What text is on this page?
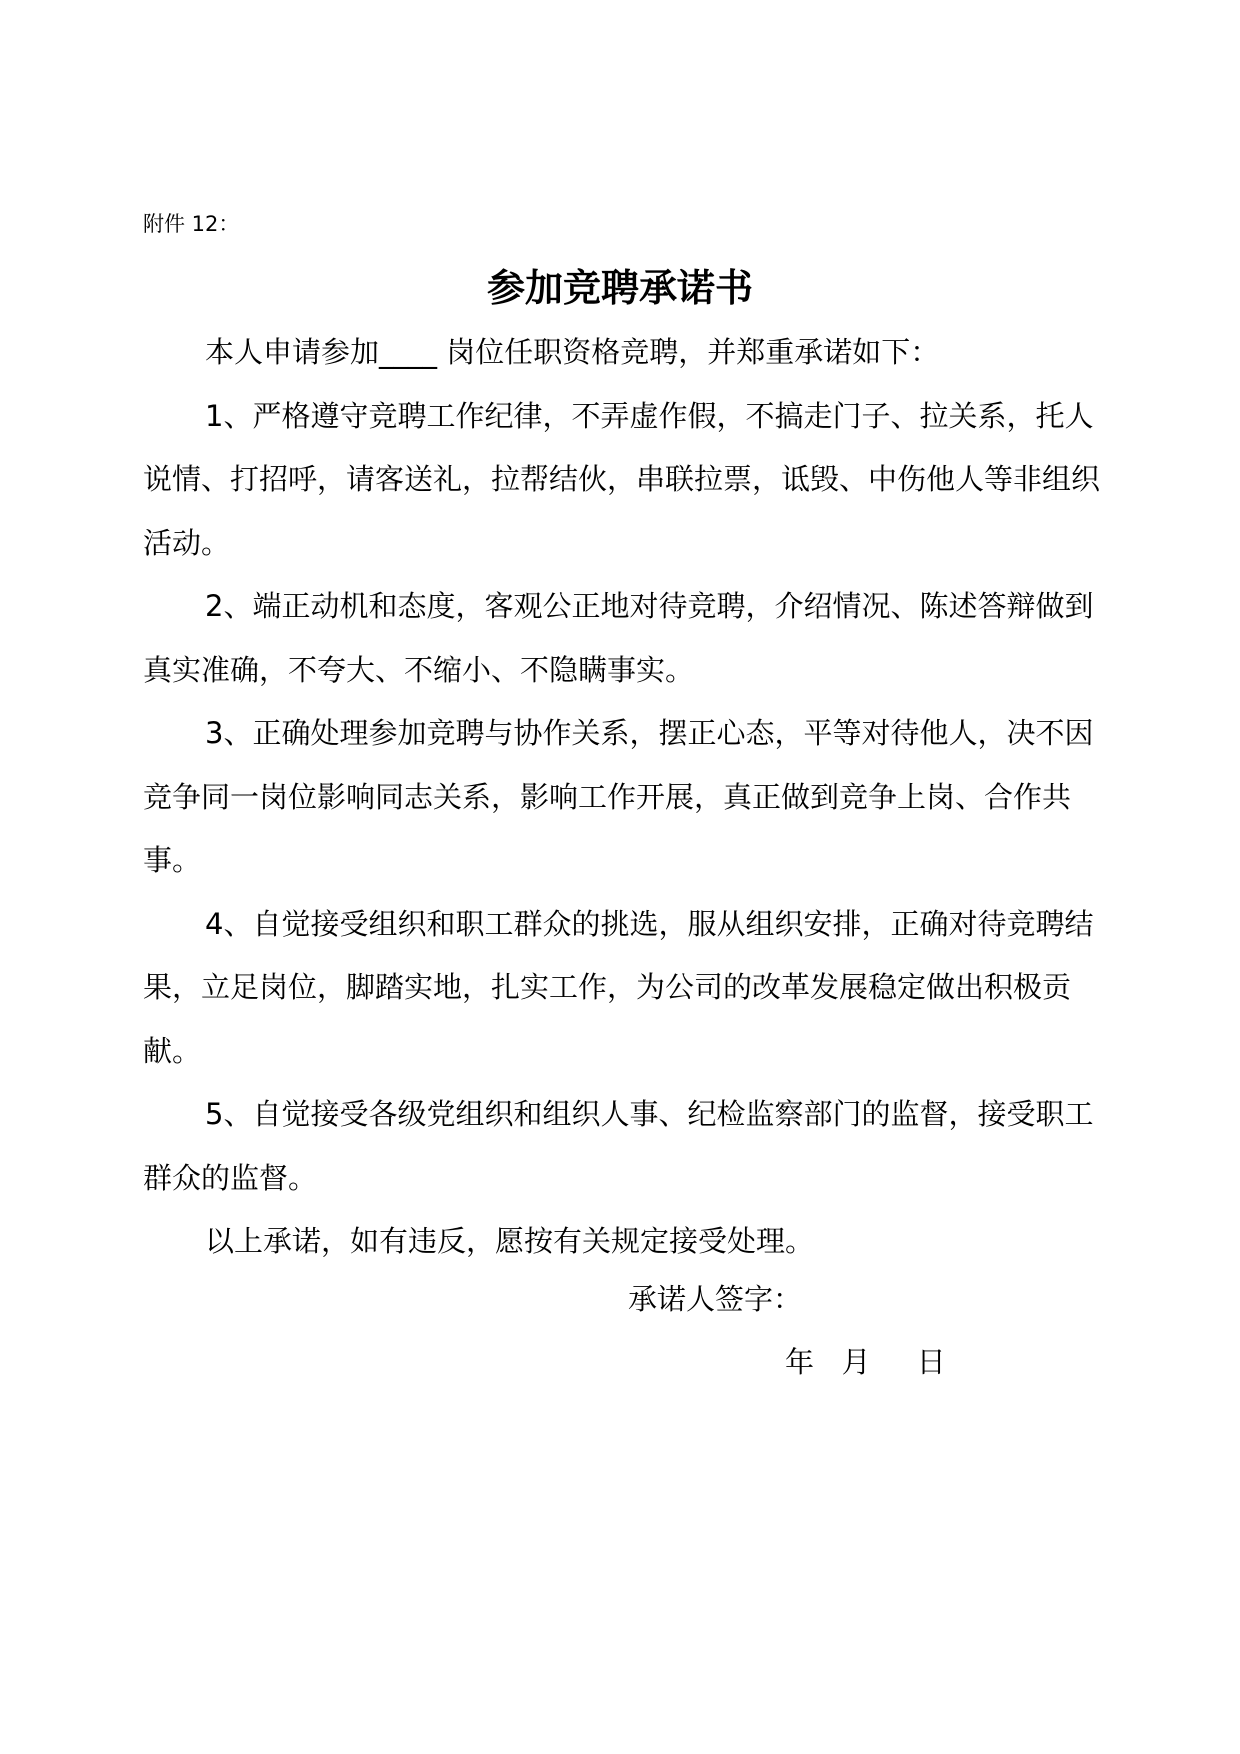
附件 12：
参加竞聘承诺书

本人申请参加____ 岗位任职资格竞聘，并郑重承诺如下：

1、严格遵守竞聘工作纪律，不弄虚作假，不搞走门子、拉关系，托人说情、打招呼，请客送礼，拉帮结伙，串联拉票，诋毁、中伤他人等非组织活动。

2、端正动机和态度，客观公正地对待竞聘，介绍情况、陈述答辩做到真实准确，不夸大、不缩小、不隐瞒事实。

3、正确处理参加竞聘与协作关系，摆正心态，平等对待他人，决不因竞争同一岗位影响同志关系，影响工作开展，真正做到竞争上岗、合作共事。

4、自觉接受组织和职工群众的挑选，服从组织安排，正确对待竞聘结果，立足岗位，脚踏实地，扎实工作，为公司的改革发展稳定做出积极贡献。

5、自觉接受各级党组织和组织人事、纪检监察部门的监督，接受职工群众的监督。

以上承诺，如有违反，愿按有关规定接受处理。

承诺人签字：
年   月     日
